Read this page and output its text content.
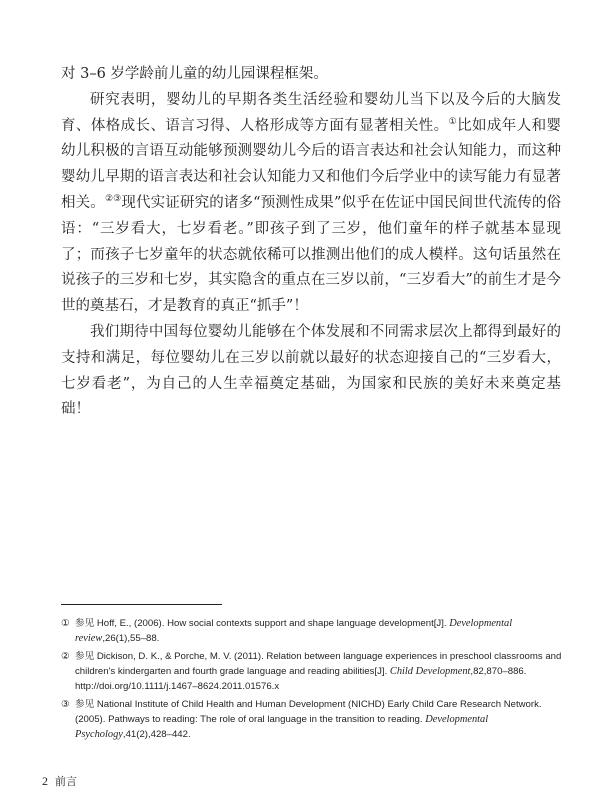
对 3–6 岁学龄前儿童的幼儿园课程框架。

研究表明，婴幼儿的早期各类生活经验和婴幼儿当下以及今后的大脑发育、体格成长、语言习得、人格形成等方面有显著相关性。①比如成年人和婴幼儿积极的言语互动能够预测婴幼儿今后的语言表达和社会认知能力，而这种婴幼儿早期的语言表达和社会认知能力又和他们今后学业中的读写能力有显著相关。②③现代实证研究的诸多“预测性成果”似乎在佐证中国民间世代流传的俗语：“三岁看大，七岁看老。”即孩子到了三岁，他们童年的样子就基本显现了；而孩子七岁童年的状态就依稀可以推测出他们的成人模样。这句话虽然在说孩子的三岁和七岁，其实隐含的重点在三岁以前，“三岁看大”的前生才是今世的奠基石，才是教育的真正“抓手”！

我们期待中国每位婴幼儿能够在个体发展和不同需求层次上都得到最好的支持和满足，每位婴幼儿在三岁以前就以最好的状态迎接自己的“三岁看大，七岁看老”，为自己的人生幸福奠定基础，为国家和民族的美好未来奠定基础！

① 参见 Hoff, E., (2006). How social contexts support and shape language development[J]. Developmental review,26(1),55–88.
② 参见 Dickison, D. K., & Porche, M. V. (2011). Relation between language experiences in preschool classrooms and children's kindergarten and fourth grade language and reading abilities[J]. Child Development,82,870–886. http://doi.org/10.1111/j.1467–8624.2011.01576.x
③ 参见 National Institute of Child Health and Human Development (NICHD) Early Child Care Research Network. (2005). Pathways to reading: The role of oral language in the transition to reading. Developmental Psychology,41(2),428–442.
2 前言
